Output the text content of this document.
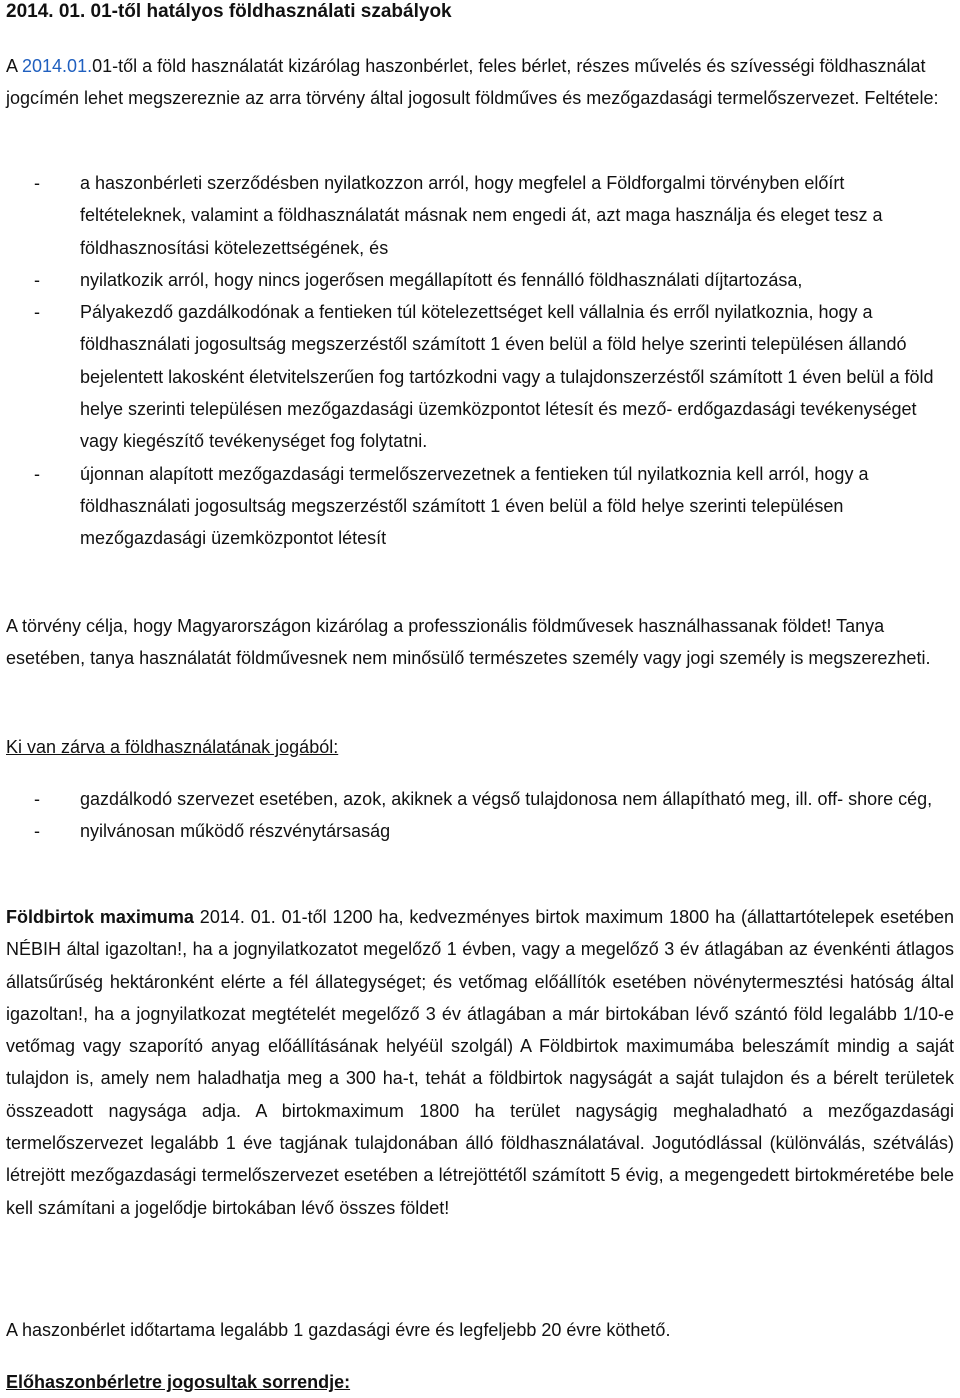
2014. 01. 01-től hatályos földhasználati szabályok

A 2014.01.01-től a föld használatát kizárólag haszonbérlet, feles bérlet, részes művelés és szívességi földhasználat jogcímén lehet megszereznie az arra törvény által jogosult földműves és mezőgazdasági termelőszervezet. Feltétele:

- a haszonbérleti szerződésben nyilatkozzon arról, hogy megfelel a Földforgalmi törvényben előírt feltételeknek, valamint a földhasználatát másnak nem engedi át, azt maga használja és eleget tesz a földhasznosítási kötelezettségének, és
- nyilatkozik arról, hogy nincs jogerősen megállapított és fennálló földhasználati díjtartozása,
- Pályakezdő gazdálkodónak a fentieken túl kötelezettséget kell vállalnia és erről nyilatkoznia, hogy a földhasználati jogosultság megszerzéstől számított 1 éven belül a föld helye szerinti településen állandó bejelentett lakosként életvitelszerűen fog tartózkodni vagy a tulajdonszerzéstől számított 1 éven belül a föld helye szerinti településen mezőgazdasági üzemközpontot létesít és mező- erdőgazdasági tevékenységet vagy kiegészítő tevékenységet fog folytatni.
- újonnan alapított mezőgazdasági termelőszervezetnek a fentieken túl nyilatkoznia kell arról, hogy a földhasználati jogosultság megszerzéstől számított 1 éven belül a föld helye szerinti településen mezőgazdasági üzemközpontot létesít

A törvény célja, hogy Magyarországon kizárólag a professzionális földművesek használhassanak földet! Tanya esetében, tanya használatát földművesnek nem minősülő természetes személy vagy jogi személy is megszerezheti.

Ki van zárva a földhasználatának jogából:

- gazdálkodó szervezet esetében, azok, akiknek a végső tulajdonosa nem állapítható meg, ill. off- shore cég,
- nyilvánosan működő részvénytársaság

Földbirtok maximuma 2014. 01. 01-től 1200 ha, kedvezményes birtok maximum 1800 ha (állattartótelepek esetében NÉBIH által igazoltan!, ha a jognyilatkozatot megelőző 1 évben, vagy a megelőző 3 év átlagában az évenkénti átlagos állatsűrűség hektáronként elérte a fél állategységet; és vetőmag előállítók esetében növénytermesztési hatóság által igazoltan!, ha a jognyilatkozat megtételét megelőző 3 év átlagában a már birtokában lévő szántó föld legalább 1/10-e vetőmag vagy szaporító anyag előállításának helyéül szolgál) A Földbirtok maximumába beleszámít mindig a saját tulajdon is, amely nem haladhatja meg a 300 ha-t, tehát a földbirtok nagyságát a saját tulajdon és a bérelt területek összeadott nagysága adja. A birtokmaximum 1800 ha terület nagyságig meghaladható a mezőgazdasági termelőszervezet legalább 1 éve tagjának tulajdonában álló földhasználatával. Jogutódlással (különválás, szétválás) létrejött mezőgazdasági termelőszervezet esetében a létrejöttétől számított 5 évig, a megengedett birtokméretébe bele kell számítani a jogelődje birtokában lévő összes földet!

A haszonbérlet időtartama legalább 1 gazdasági évre és legfeljebb 20 évre köthető.

Előhaszonbérletre jogosultak sorrendje:
